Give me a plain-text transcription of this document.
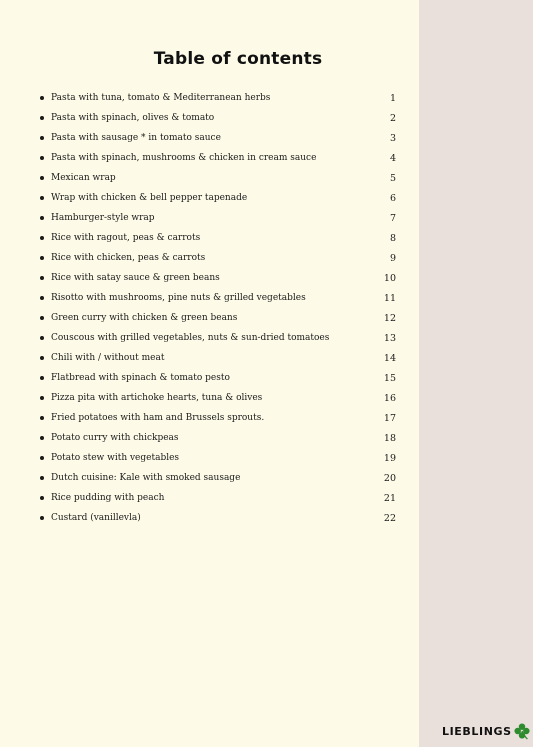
Table of contents
Pasta with tuna, tomato & Mediterranean herbs	1
Pasta with spinach, olives & tomato	2
Pasta with sausage * in tomato sauce	3
Pasta with spinach, mushrooms & chicken in cream sauce	4
Mexican wrap	5
Wrap with chicken & bell pepper tapenade	6
Hamburger-style wrap	7
Rice with ragout, peas & carrots	8
Rice with chicken, peas & carrots	9
Rice with satay sauce & green beans	10
Risotto with mushrooms, pine nuts & grilled vegetables	11
Green curry with chicken & green beans	12
Couscous with grilled vegetables, nuts & sun-dried tomatoes	13
Chili with / without meat	14
Flatbread with spinach & tomato pesto	15
Pizza pita with artichoke hearts, tuna & olives	16
Fried potatoes with ham and Brussels sprouts.	17
Potato curry with chickpeas	18
Potato stew with vegetables	19
Dutch cuisine: Kale with smoked sausage	20
Rice pudding with peach	21
Custard (vanillevla)	22
LIEBLINGS
